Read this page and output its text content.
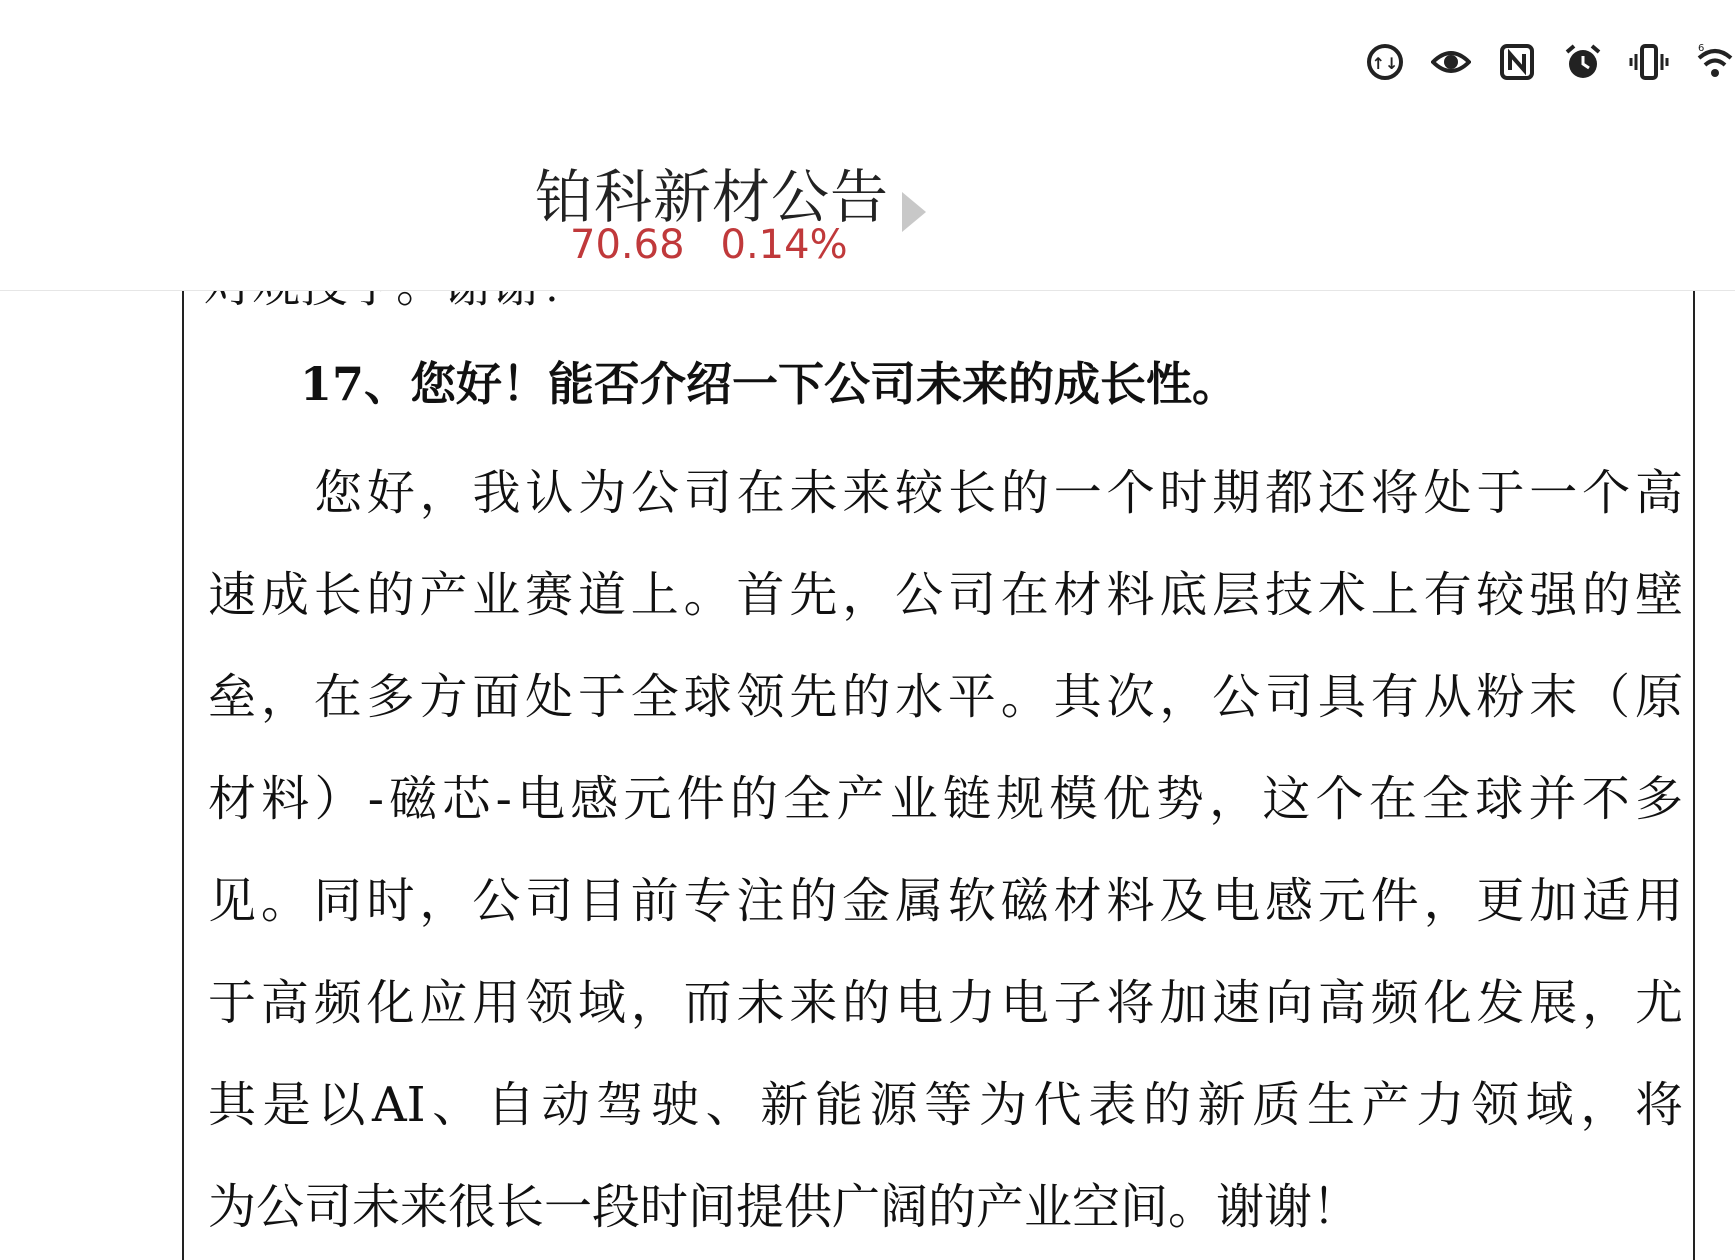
↑↓
6
铂科新材公告
70.68 0.14%
17、您好！能否介绍一下公司未来的成长性。
您好，我认为公司在未来较长的一个时期都还将处于一个高
速成长的产业赛道上。首先，公司在材料底层技术上有较强的壁
垒，在多方面处于全球领先的水平。其次，公司具有从粉末（原
材料）-磁芯-电感元件的全产业链规模优势，这个在全球并不多
见。同时，公司目前专注的金属软磁材料及电感元件，更加适用
于高频化应用领域，而未来的电力电子将加速向高频化发展，尤
其是以AI、自动驾驶、新能源等为代表的新质生产力领域，将
为公司未来很长一段时间提供广阔的产业空间。谢谢！
